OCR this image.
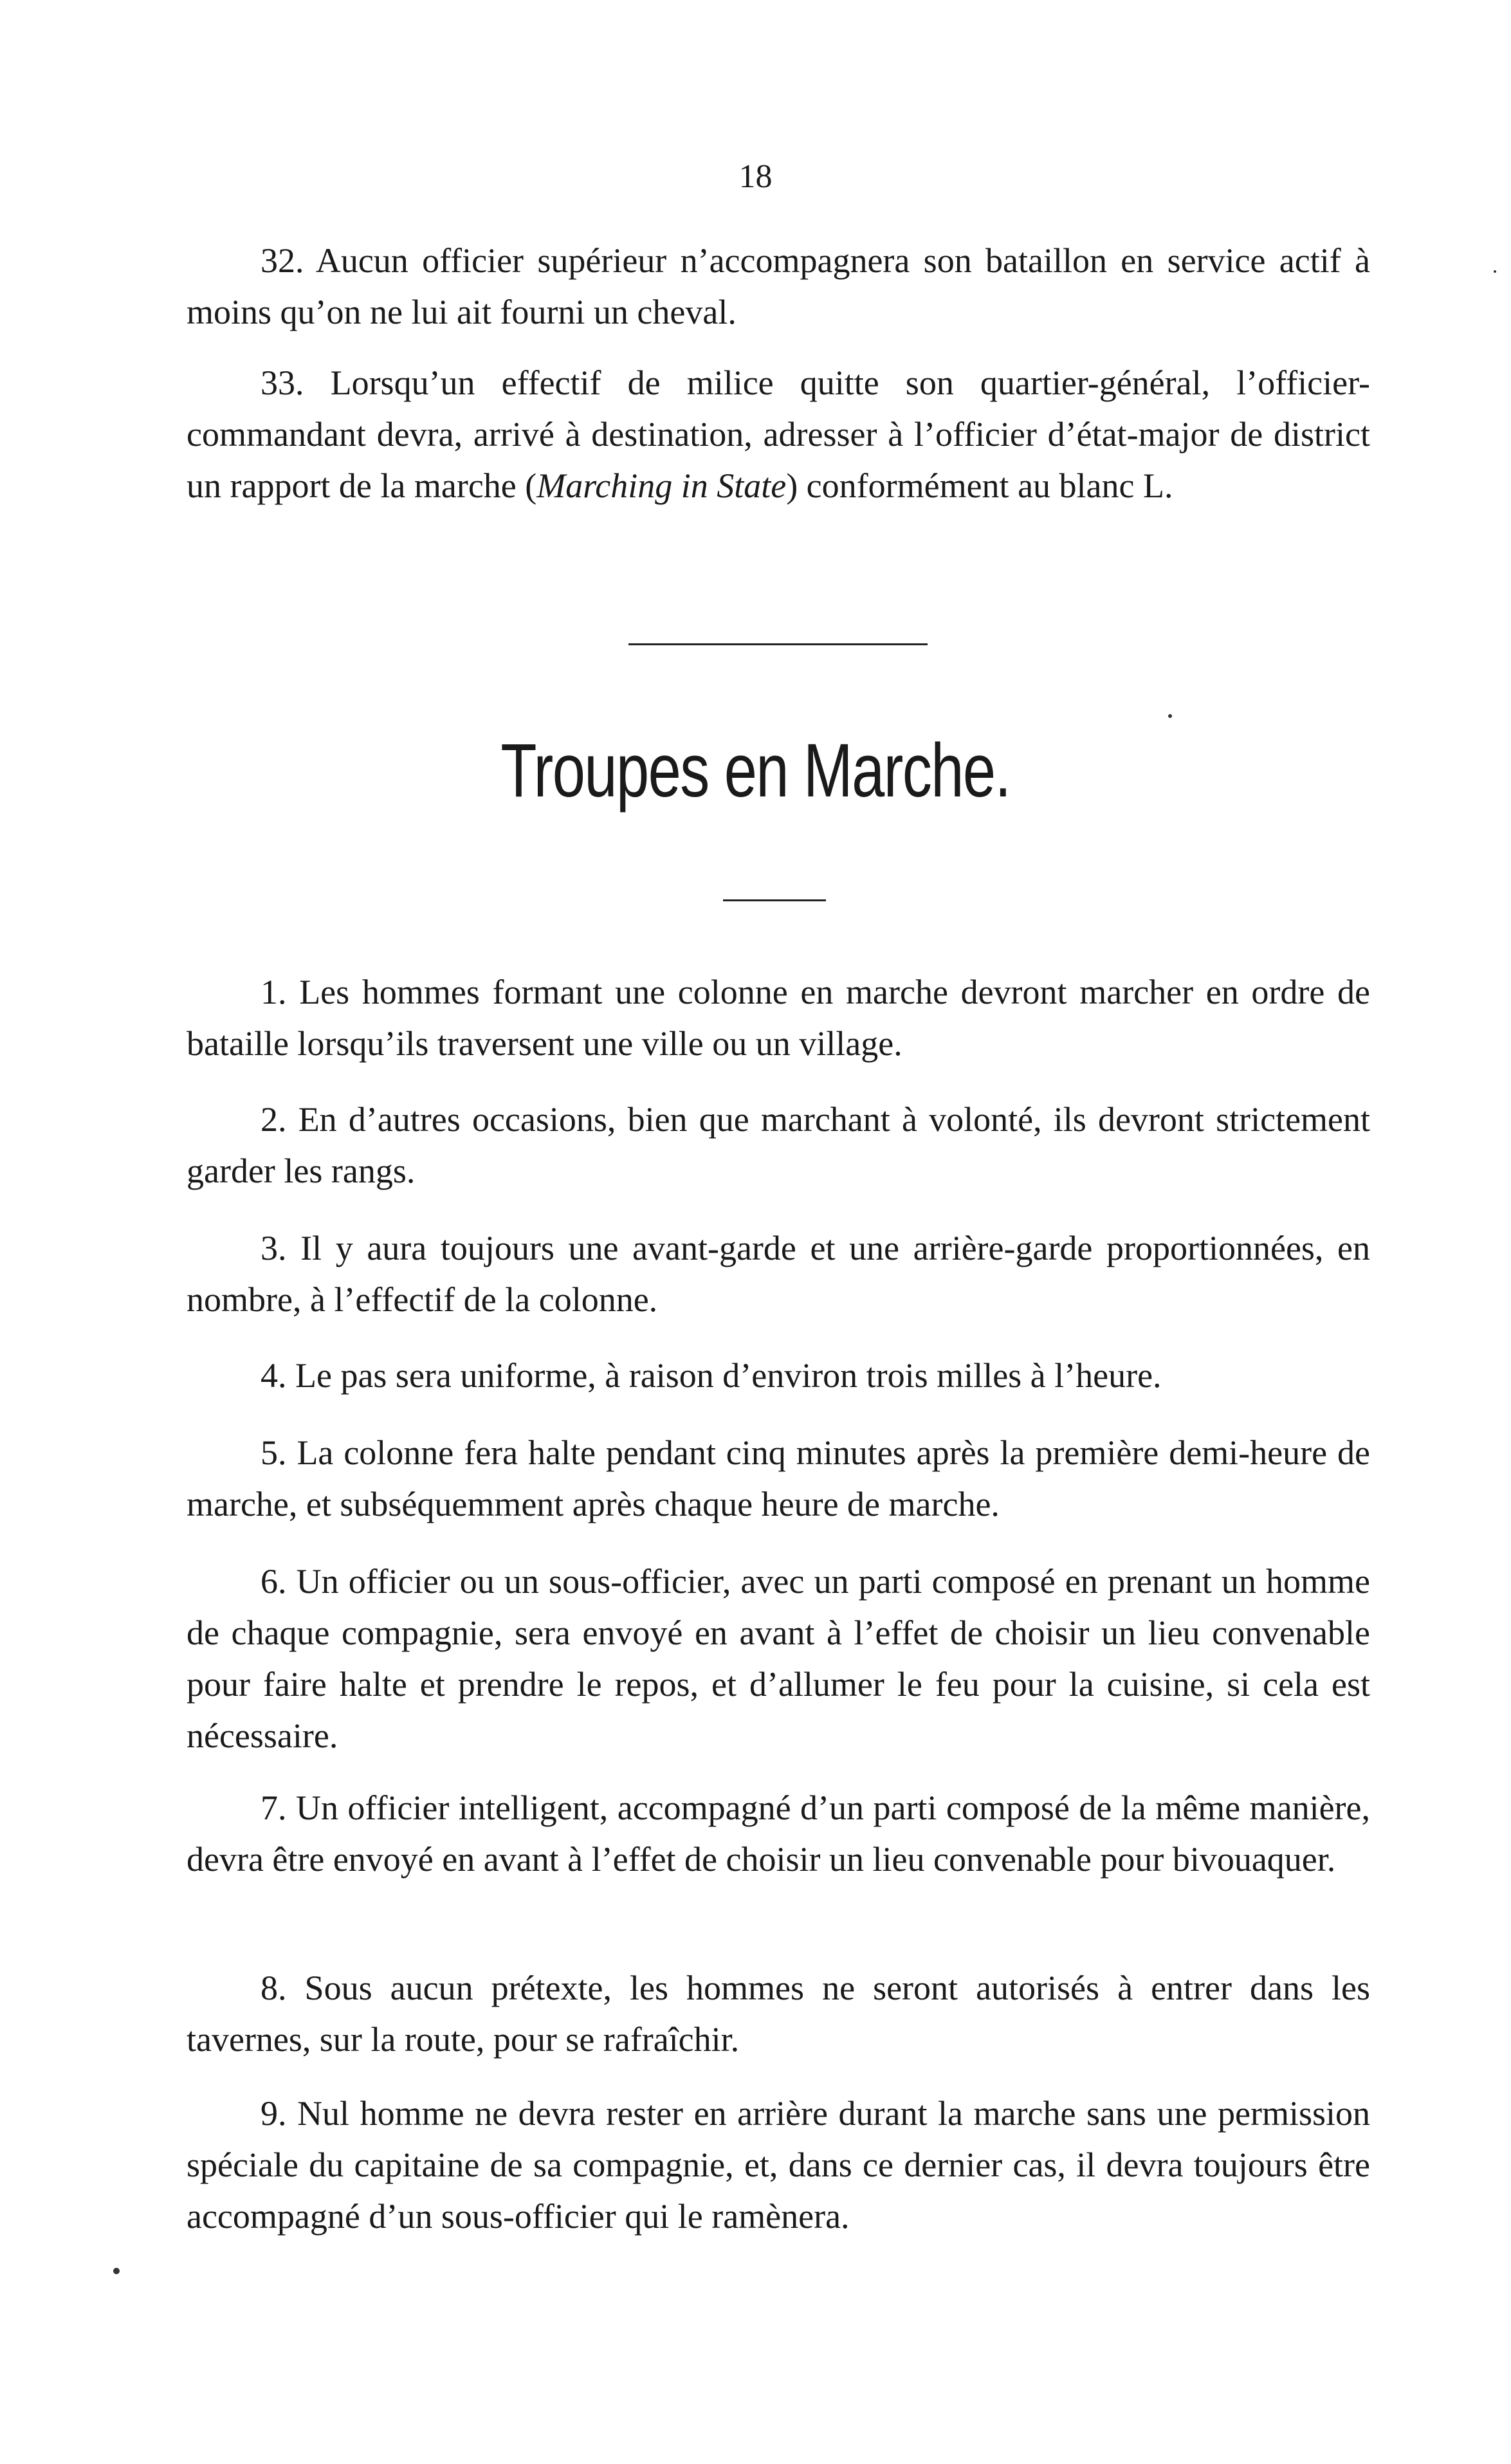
18

32. Aucun officier supérieur n’accompagnera son bataillon en service actif à moins qu’on ne lui ait fourni un cheval.

33. Lorsqu’un effectif de milice quitte son quartier-général, l’officier-commandant devra, arrivé à destination, adresser à l’officier d’état-major de district un rapport de la marche (Marching in State) conformément au blanc L.

Troupes en Marche.

1. Les hommes formant une colonne en marche devront marcher en ordre de bataille lorsqu’ils traversent une ville ou un village.

2. En d’autres occasions, bien que marchant à volonté, ils devront strictement garder les rangs.

3. Il y aura toujours une avant-garde et une arrière-garde proportionnées, en nombre, à l’effectif de la colonne.

4. Le pas sera uniforme, à raison d’environ trois milles à l’heure.

5. La colonne fera halte pendant cinq minutes après la première demi-heure de marche, et subséquemment après chaque heure de marche.

6. Un officier ou un sous-officier, avec un parti composé en prenant un homme de chaque compagnie, sera envoyé en avant à l’effet de choisir un lieu convenable pour faire halte et prendre le repos, et d’allumer le feu pour la cuisine, si cela est nécessaire.

7. Un officier intelligent, accompagné d’un parti composé de la même manière, devra être envoyé en avant à l’effet de choisir un lieu convenable pour bivouaquer.

8. Sous aucun prétexte, les hommes ne seront autorisés à entrer dans les tavernes, sur la route, pour se rafraîchir.

9. Nul homme ne devra rester en arrière durant la marche sans une permission spéciale du capitaine de sa compagnie, et, dans ce dernier cas, il devra toujours être accompagné d’un sous-officier qui le ramènera.
